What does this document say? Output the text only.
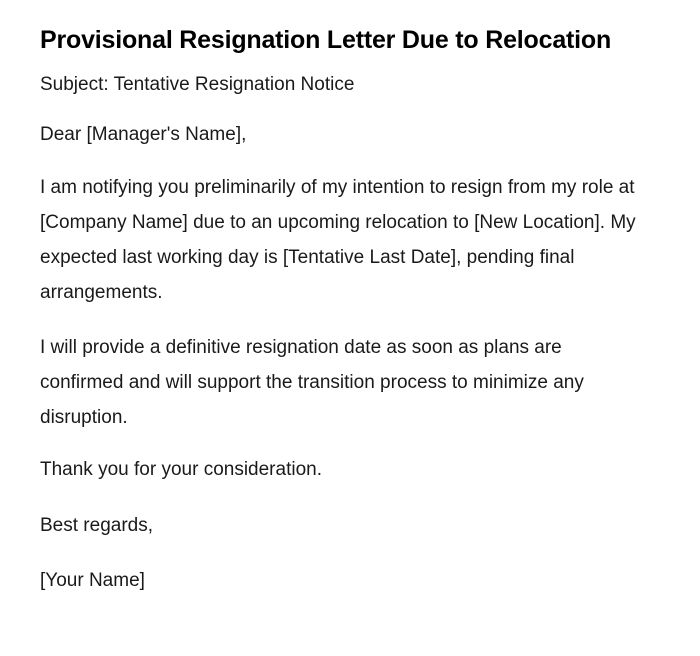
Provisional Resignation Letter Due to Relocation

Subject: Tentative Resignation Notice

Dear [Manager's Name],

I am notifying you preliminarily of my intention to resign from my role at [Company Name] due to an upcoming relocation to [New Location]. My expected last working day is [Tentative Last Date], pending final arrangements.

I will provide a definitive resignation date as soon as plans are confirmed and will support the transition process to minimize any disruption.

Thank you for your consideration.

Best regards,

[Your Name]
